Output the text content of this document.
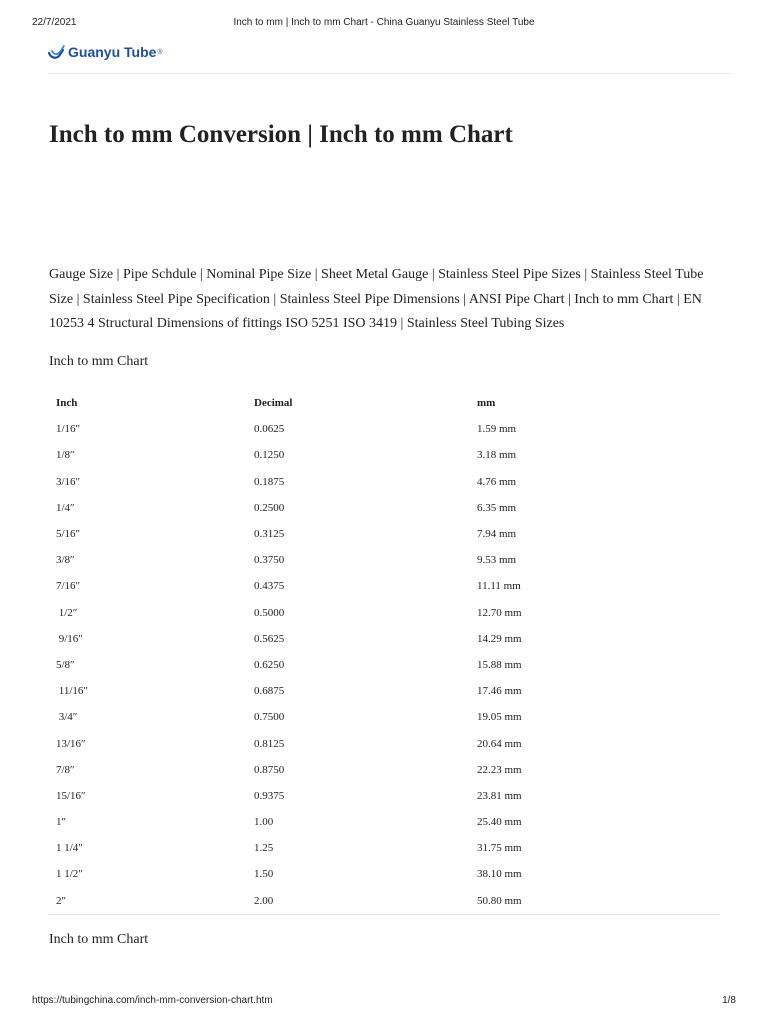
22/7/2021	Inch to mm | Inch to mm Chart - China Guanyu Stainless Steel Tube
Guanyu Tube ®
Inch to mm Conversion | Inch to mm Chart

Gauge Size | Pipe Schdule | Nominal Pipe Size | Sheet Metal Gauge | Stainless Steel Pipe Sizes | Stainless Steel Tube Size | Stainless Steel Pipe Specification | Stainless Steel Pipe Dimensions | ANSI Pipe Chart | Inch to mm Chart | EN 10253 4 Structural Dimensions of fittings ISO 5251 ISO 3419 | Stainless Steel Tubing Sizes

Inch to mm Chart

Inch	Decimal	mm
1/16″	0.0625	1.59 mm
1/8″	0.1250	3.18 mm
3/16″	0.1875	4.76 mm
1/4″	0.2500	6.35 mm
5/16″	0.3125	7.94 mm
3/8″	0.3750	9.53 mm
7/16″	0.4375	11.11 mm
1/2″	0.5000	12.70 mm
9/16″	0.5625	14.29 mm
5/8″	0.6250	15.88 mm
11/16″	0.6875	17.46 mm
3/4″	0.7500	19.05 mm
13/16″	0.8125	20.64 mm
7/8″	0.8750	22.23 mm
15/16″	0.9375	23.81 mm
1″	1.00	25.40 mm
1 1/4″	1.25	31.75 mm
1 1/2″	1.50	38.10 mm
2″	2.00	50.80 mm

Inch to mm Chart

https://tubingchina.com/inch-mm-conversion-chart.htm	1/8
